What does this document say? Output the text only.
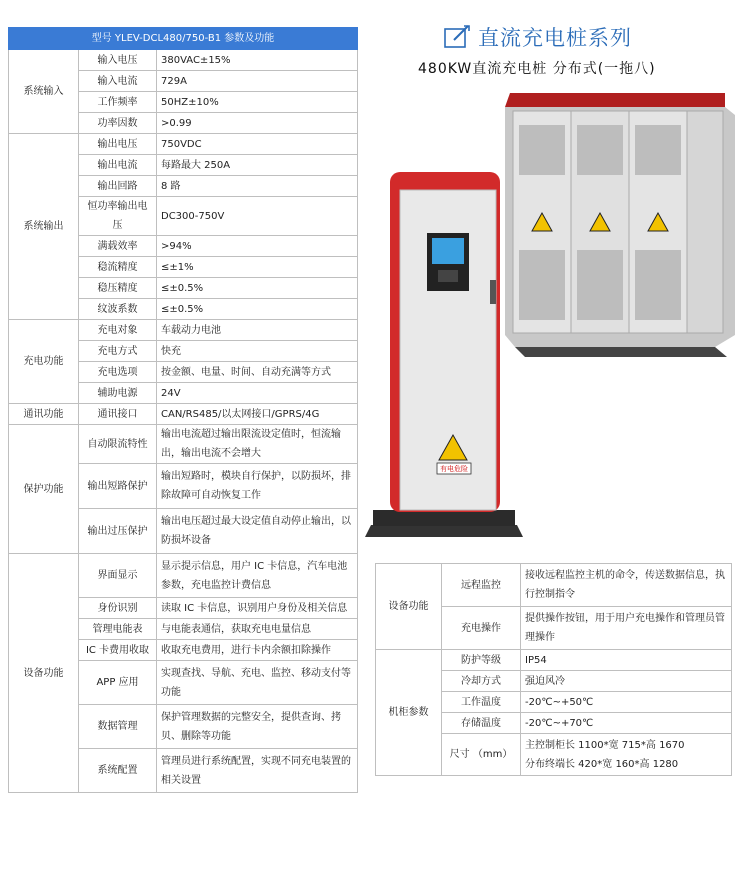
型号 YLEV-DCL480/750-B1 参数及功能		
系统输入	输入电压	380VAC±15%
	输入电流	729A
	工作频率	50HZ±10%
	功率因数	>0.99
系统输出	输出电压	750VDC
	输出电流	每路最大 250A
	输出回路	8 路
	恒功率输出电压	DC300-750V
	满载效率	>94%
	稳流精度	≤±1%
	稳压精度	≤±0.5%
	纹波系数	≤±0.5%
充电功能	充电对象	车载动力电池
	充电方式	快充
	充电选项	按金额、电量、时间、自动充满等方式
	辅助电源	24V
通讯功能	通讯接口	CAN/RS485/以太网接口/GPRS/4G
保护功能	自动限流特性	输出电流超过输出限流设定值时，恒流输出，输出电流不会增大
	输出短路保护	输出短路时，模块自行保护，以防损坏，排除故障可自动恢复工作
	输出过压保护	输出电压超过最大设定值自动停止输出，以防损坏设备
设备功能	界面显示	显示提示信息，用户 IC 卡信息，汽车电池参数，充电监控计费信息
	身份识别	读取 IC 卡信息，识别用户身份及相关信息
	管理电能表	与电能表通信，获取充电电量信息
	IC 卡费用收取	收取充电费用，进行卡内余额扣除操作
	APP 应用	实现查找、导航、充电、监控、移动支付等功能
	数据管理	保护管理数据的完整安全，提供查询、拷贝、删除等功能
	系统配置	管理员进行系统配置，实现不同充电装置的相关设置
直流充电桩系列
480KW直流充电桩 分布式(一拖八)
有电危险
设备功能	远程监控	接收远程监控主机的命令，传送数据信息，执行控制指令
	充电操作	提供操作按钮，用于用户充电操作和管理员管理操作
机柜参数	防护等级	IP54
	冷却方式	强迫风冷
	工作温度	-20℃~+50℃
	存储温度	-20℃~+70℃
	尺寸 （mm）	主控制柜长 1100*宽 715*高 1670
分布终端长 420*宽 160*高 1280
